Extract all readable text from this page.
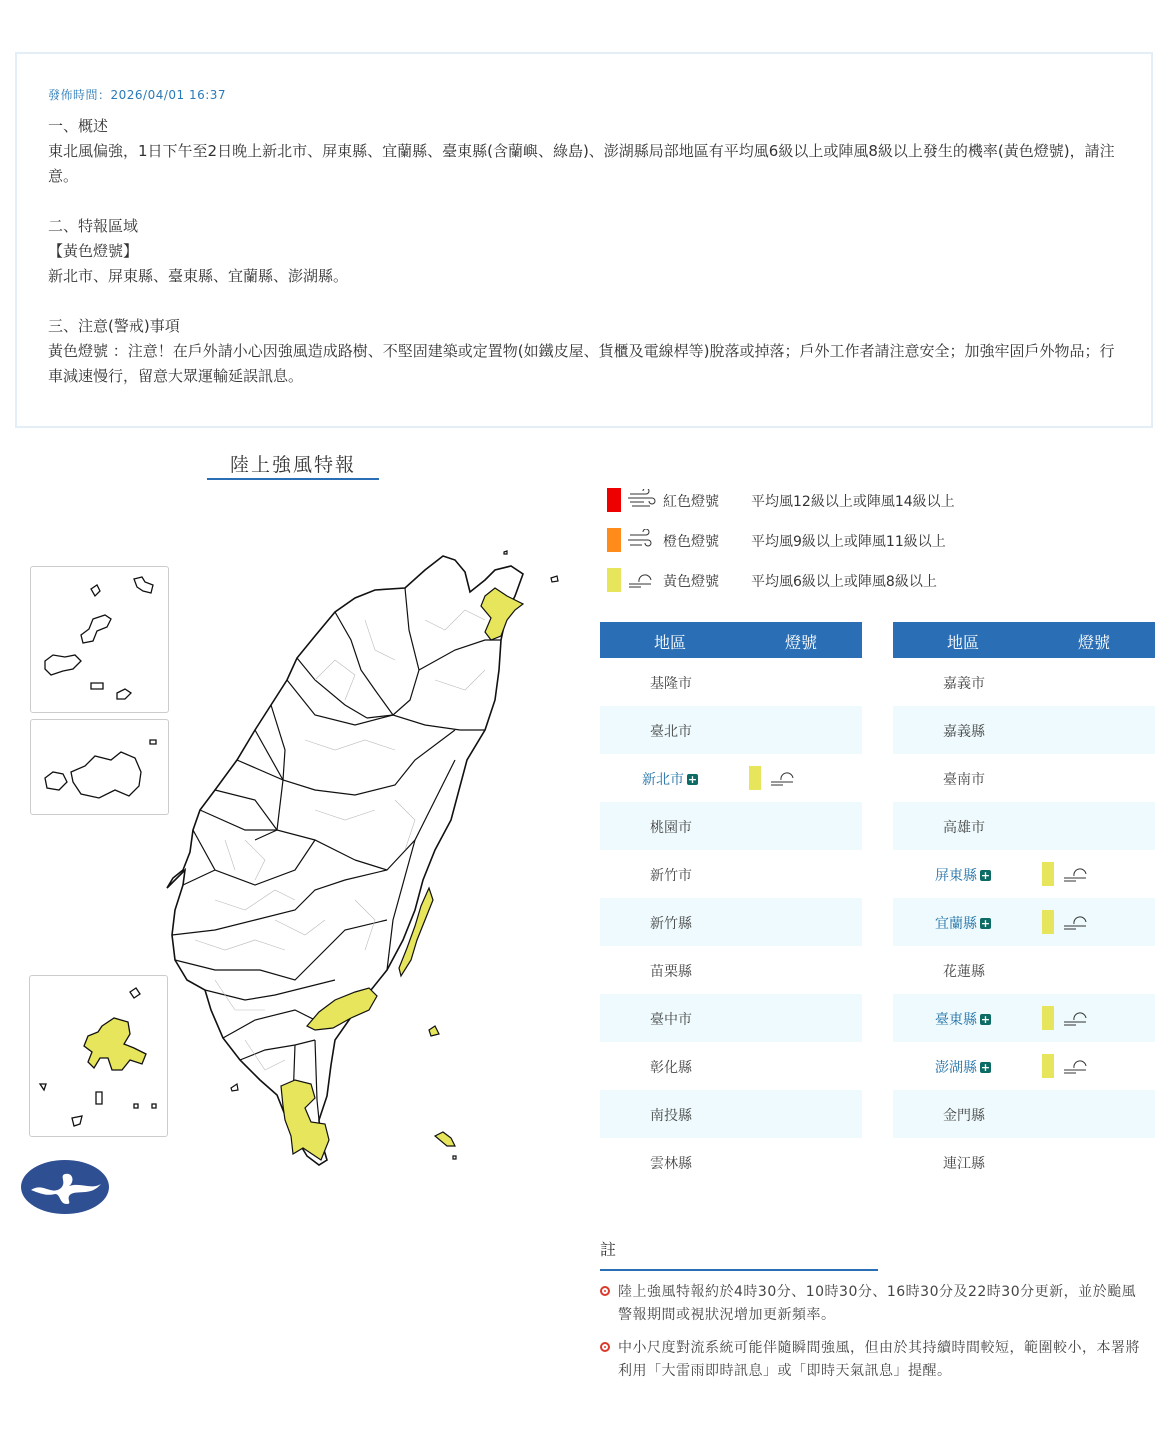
發佈時間：2026/04/01 16:37

一、概述

東北風偏強，1日下午至2日晚上新北市、屏東縣、宜蘭縣、臺東縣(含蘭嶼、綠島)、澎湖縣局部地區有平均風6級以上或陣風8級以上發生的機率(黃色燈號)，請注意。

二、特報區域

【黃色燈號】

新北市、屏東縣、臺東縣、宜蘭縣、澎湖縣。

三、注意(警戒)事項

黃色燈號 ：注意！在戶外請小心因強風造成路樹、不堅固建築或定置物(如鐵皮屋、貨櫃及電線桿等)脫落或掉落；戶外工作者請注意安全；加強牢固戶外物品；行車減速慢行，留意大眾運輸延誤訊息。

陸上強風特報
紅色燈號 平均風12級以上或陣風14級以上
橙色燈號 平均風9級以上或陣風11級以上
黃色燈號 平均風6級以上或陣風8級以上
地區	燈號
基隆市
臺北市
新北市 +
桃園市
新竹市
新竹縣
苗栗縣
臺中市
彰化縣
南投縣
雲林縣
地區	燈號
嘉義市
嘉義縣
臺南市
高雄市
屏東縣 +
宜蘭縣 +
花蓮縣
臺東縣 +
澎湖縣 +
金門縣
連江縣
註
陸上強風特報約於4時30分、10時30分、16時30分及22時30分更新，並於颱風警報期間或視狀況增加更新頻率。
中小尺度對流系統可能伴隨瞬間強風，但由於其持續時間較短，範圍較小，本署將利用「大雷雨即時訊息」或「即時天氣訊息」提醒。
